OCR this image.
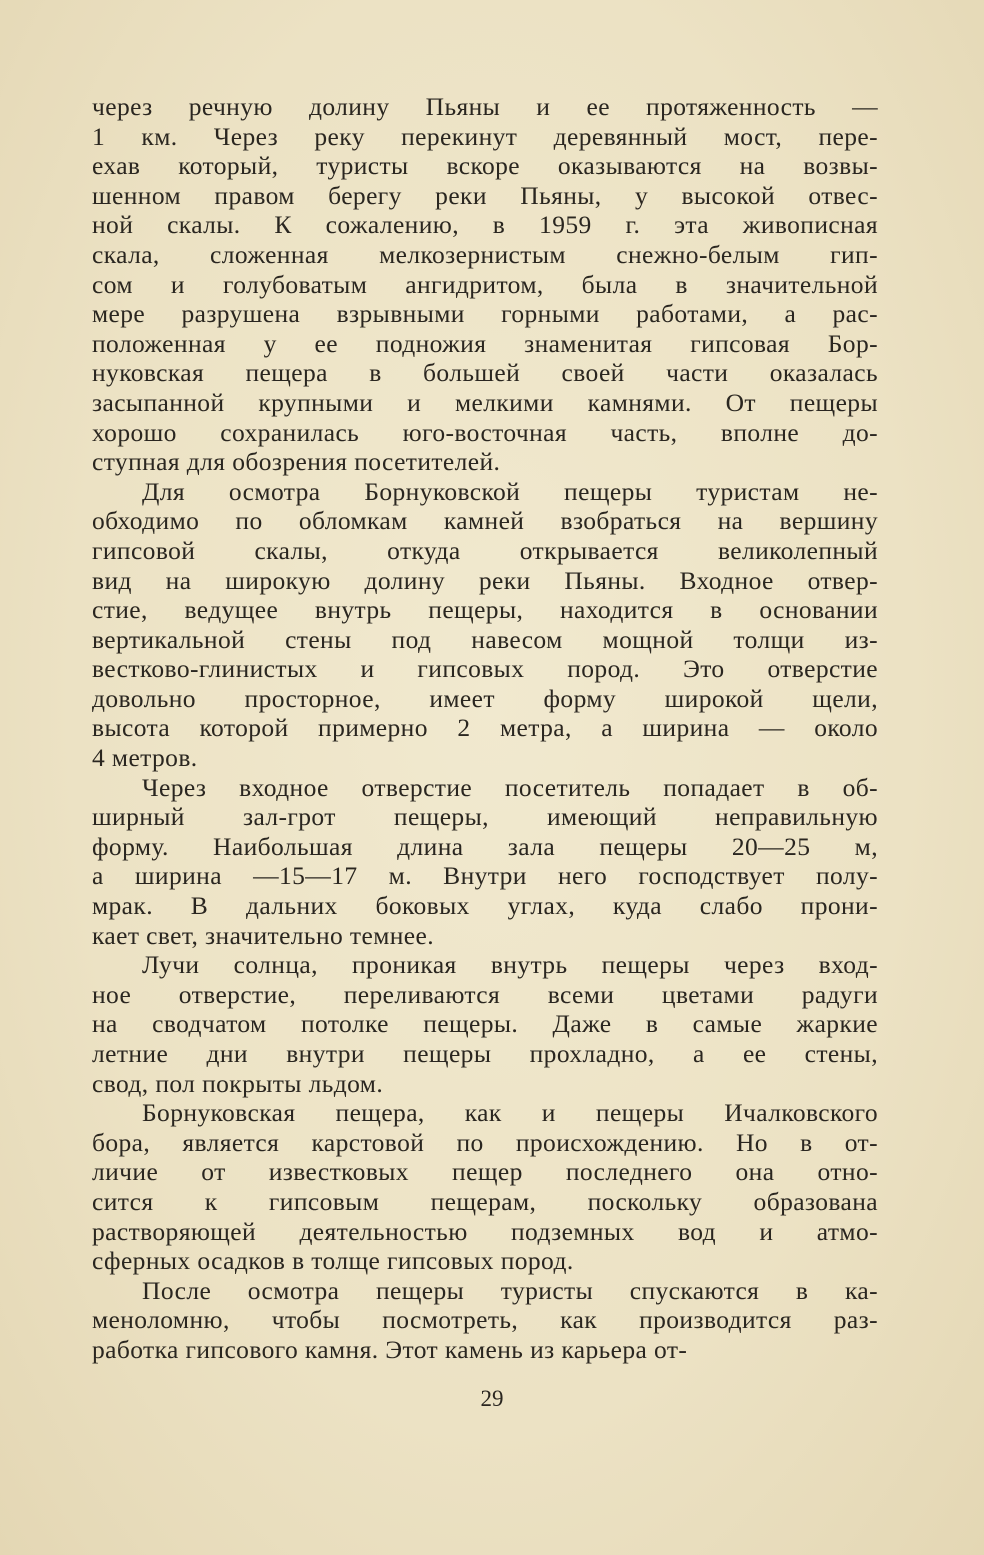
через речную долину Пьяны и ее протяженность —
1 км. Через реку перекинут деревянный мост, пере-
ехав который, туристы вскоре оказываются на возвы-
шенном правом берегу реки Пьяны, у высокой отвес-
ной скалы. К сожалению, в 1959 г. эта живописная
скала, сложенная мелкозернистым снежно-белым гип-
сом и голубоватым ангидритом, была в значительной
мере разрушена взрывными горными работами, а рас-
положенная у ее подножия знаменитая гипсовая Бор-
нуковская пещера в большей своей части оказалась
засыпанной крупными и мелкими камнями. От пещеры
хорошо сохранилась юго-восточная часть, вполне до-
ступная для обозрения посетителей.
Для осмотра Борнуковской пещеры туристам не-
обходимо по обломкам камней взобраться на вершину
гипсовой скалы, откуда открывается великолепный
вид на широкую долину реки Пьяны. Входное отвер-
стие, ведущее внутрь пещеры, находится в основании
вертикальной стены под навесом мощной толщи из-
вестково-глинистых и гипсовых пород. Это отверстие
довольно просторное, имеет форму широкой щели,
высота которой примерно 2 метра, а ширина — около
4 метров.
Через входное отверстие посетитель попадает в об-
ширный зал-грот пещеры, имеющий неправильную
форму. Наибольшая длина зала пещеры 20—25 м,
а ширина —15—17 м. Внутри него господствует полу-
мрак. В дальних боковых углах, куда слабо прони-
кает свет, значительно темнее.
Лучи солнца, проникая внутрь пещеры через вход-
ное отверстие, переливаются всеми цветами радуги
на сводчатом потолке пещеры. Даже в самые жаркие
летние дни внутри пещеры прохладно, а ее стены,
свод, пол покрыты льдом.
Борнуковская пещера, как и пещеры Ичалковского
бора, является карстовой по происхождению. Но в от-
личие от известковых пещер последнего она отно-
сится к гипсовым пещерам, поскольку образована
растворяющей деятельностью подземных вод и атмо-
сферных осадков в толще гипсовых пород.
После осмотра пещеры туристы спускаются в ка-
меноломню, чтобы посмотреть, как производится раз-
работка гипсового камня. Этот камень из карьера от-
29
